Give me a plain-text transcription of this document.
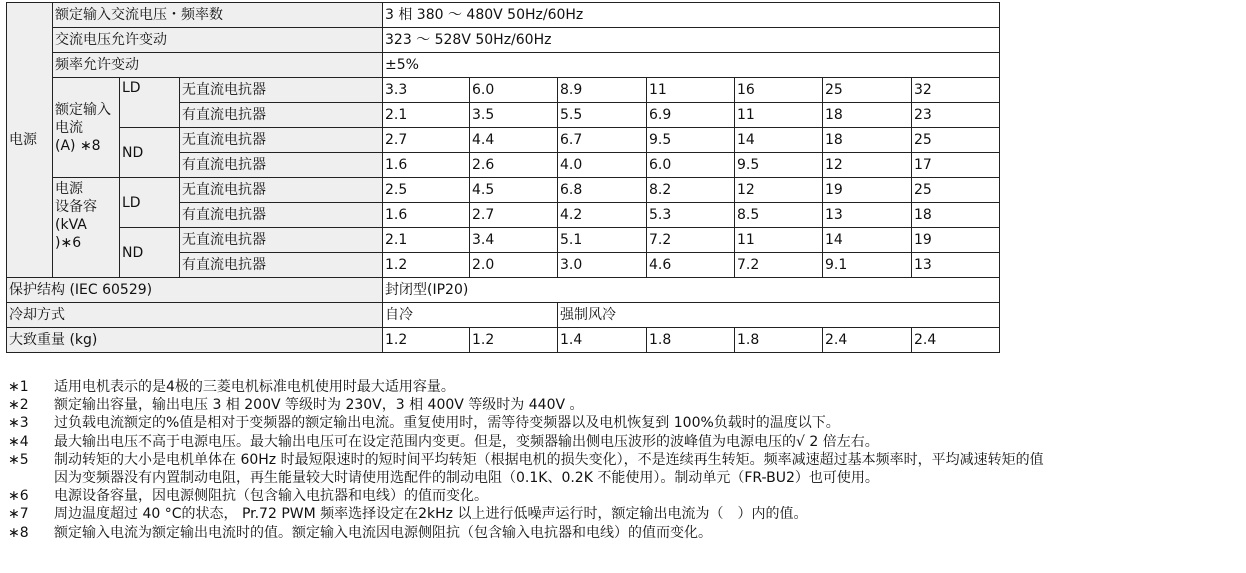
电源	额定输入交流电压・频率数			3 相 380 ～ 480V 50Hz/60Hz						
	交流电压允许变动			323 ～ 528V 50Hz/60Hz						
	频率允许变动			±5%						
	额定输入
电流
(A) ∗8	LD	无直流电抗器	3.3	6.0	8.9	11	16	25	32
			有直流电抗器	2.1	3.5	5.5	6.9	11	18	23
		ND	无直流电抗器	2.7	4.4	6.7	9.5	14	18	25
			有直流电抗器	1.6	2.6	4.0	6.0	9.5	12	17
	电源
设备容
(kVA )∗6	LD	无直流电抗器	2.5	4.5	6.8	8.2	12	19	25
			有直流电抗器	1.6	2.7	4.2	5.3	8.5	13	18
		ND	无直流电抗器	2.1	3.4	5.1	7.2	11	14	19
			有直流电抗器	1.2	2.0	3.0	4.6	7.2	9.1	13
保护结构 (IEC 60529)				封闭型(IP20)						
冷却方式				自冷		强制风冷				
大致重量 (kg)				1.2	1.2	1.4	1.8	1.8	2.4	2.4
∗1	适用电机表示的是4极的三菱电机标准电机使用时最大适用容量。
∗2	额定输出容量，输出电压 3 相 200V 等级时为 230V，3 相 400V 等级时为 440V 。
∗3	过负载电流额定的%值是相对于变频器的额定输出电流。重复使用时，需等待变频器以及电机恢复到 100%负载时的温度以下。
∗4	最大输出电压不高于电源电压。最大输出电压可在设定范围内变更。但是，变频器输出侧电压波形的波峰值为电源电压的√ 2 倍左右。
∗5	制动转矩的大小是电机单体在 60Hz 时最短限速时的短时间平均转矩（根据电机的损失变化），不是连续再生转矩。频率减速超过基本频率时，平均减速转矩的值
因为变频器没有内置制动电阻，再生能量较大时请使用选配件的制动电阻（0.1K、0.2K 不能使用）。制动单元（FR-BU2）也可使用。
∗6	电源设备容量，因电源侧阻抗（包含输入电抗器和电线）的值而变化。
∗7	周边温度超过 40 °C的状态， Pr.72 PWM 频率选择设定在2kHz 以上进行低噪声运行时，额定输出电流为（　）内的值。
∗8	额定输入电流为额定输出电流时的值。额定输入电流因电源侧阻抗（包含输入电抗器和电线）的值而变化。
